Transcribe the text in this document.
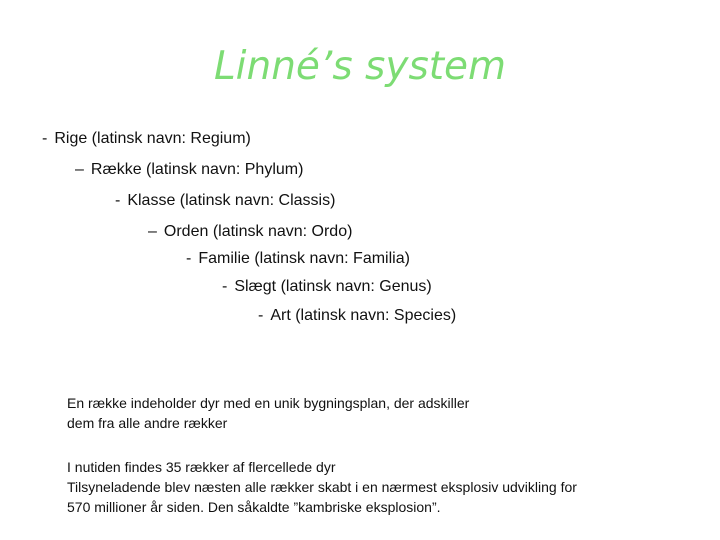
Linné’s system
- Rige (latinsk navn: Regium)
– Række (latinsk navn: Phylum)
- Klasse (latinsk navn: Classis)
– Orden (latinsk navn: Ordo)
- Familie (latinsk navn: Familia)
- Slægt (latinsk navn: Genus)
- Art (latinsk navn: Species)

En række indeholder dyr med en unik bygningsplan, der adskiller

dem fra alle andre rækker

I nutiden findes 35 rækker af flercellede dyr

Tilsyneladende blev næsten alle rækker skabt i en nærmest eksplosiv udvikling for

570 millioner år siden. Den såkaldte ”kambriske eksplosion”.
